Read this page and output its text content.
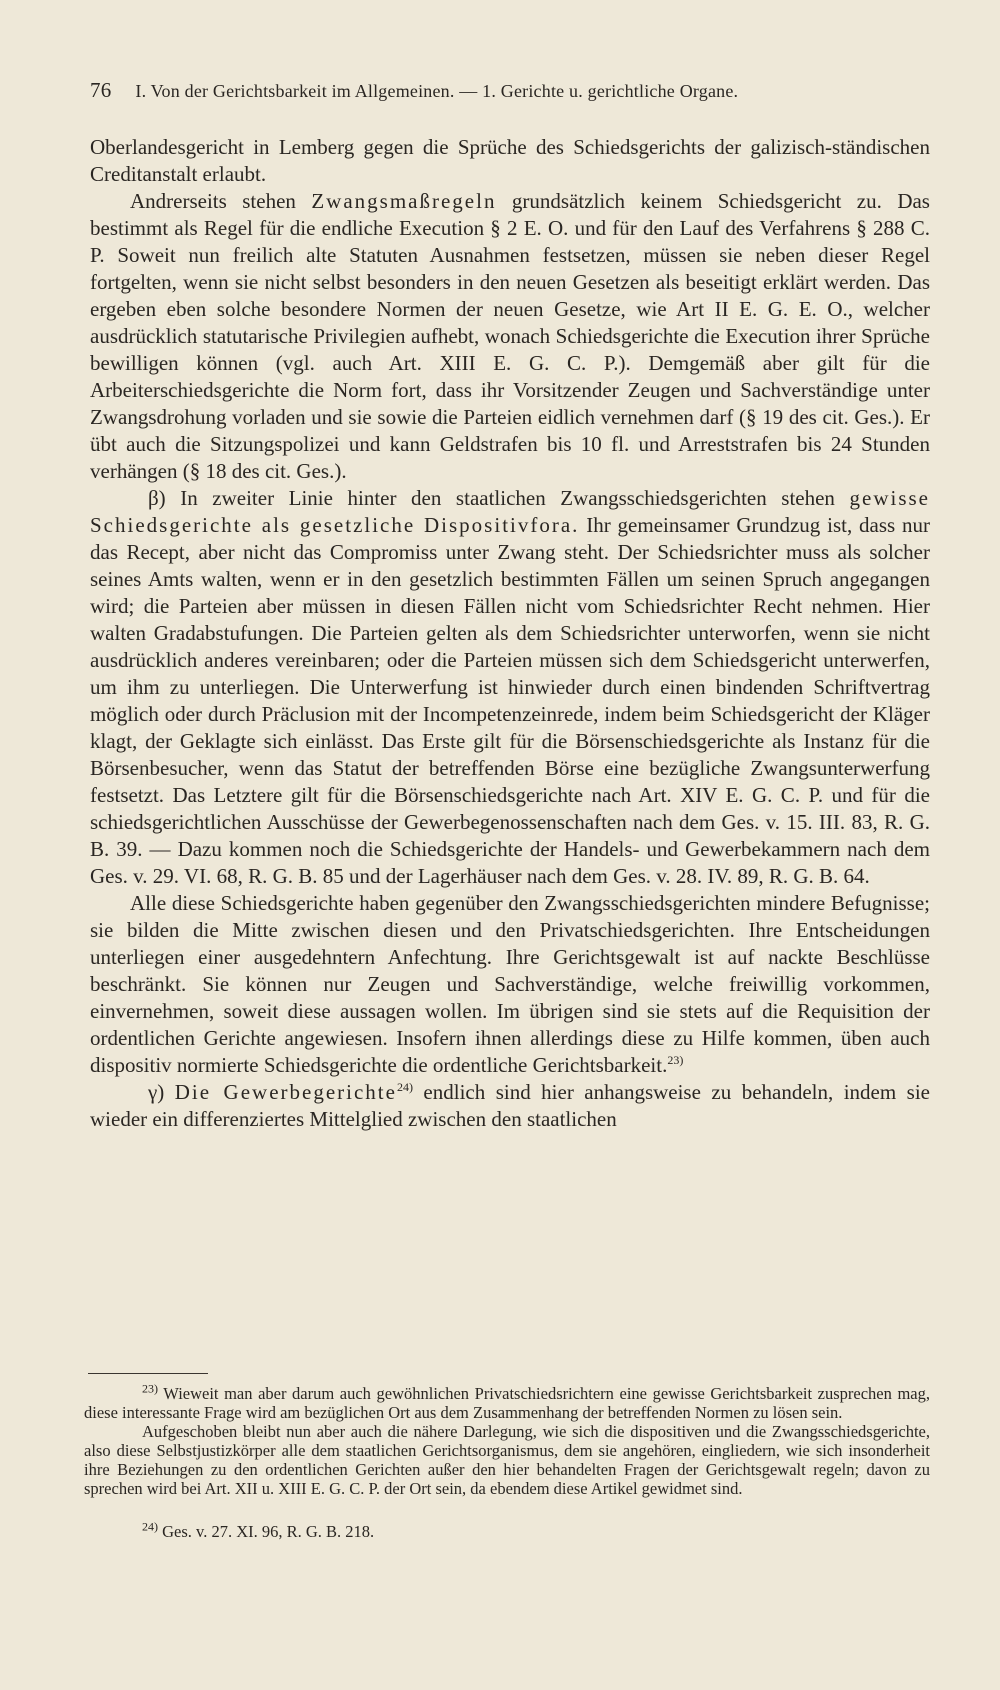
76 I. Von der Gerichtsbarkeit im Allgemeinen. — 1. Gerichte u. gerichtliche Organe.

Oberlandesgericht in Lemberg gegen die Sprüche des Schiedsgerichts der galizisch-ständischen Creditanstalt erlaubt.

Andrerseits stehen Zwangsmaßregeln grundsätzlich keinem Schiedsgericht zu. Das bestimmt als Regel für die endliche Execution § 2 E. O. und für den Lauf des Verfahrens § 288 C. P. Soweit nun freilich alte Statuten Ausnahmen festsetzen, müssen sie neben dieser Regel fortgelten, wenn sie nicht selbst besonders in den neuen Gesetzen als beseitigt erklärt werden. Das ergeben eben solche besondere Normen der neuen Gesetze, wie Art II E. G. E. O., welcher ausdrücklich statutarische Privilegien aufhebt, wonach Schiedsgerichte die Execution ihrer Sprüche bewilligen können (vgl. auch Art. XIII E. G. C. P.). Demgemäß aber gilt für die Arbeiterschiedsgerichte die Norm fort, dass ihr Vorsitzender Zeugen und Sachverständige unter Zwangsdrohung vorladen und sie sowie die Parteien eidlich vernehmen darf (§ 19 des cit. Ges.). Er übt auch die Sitzungspolizei und kann Geldstrafen bis 10 fl. und Arreststrafen bis 24 Stunden verhängen (§ 18 des cit. Ges.).

β) In zweiter Linie hinter den staatlichen Zwangsschiedsgerichten stehen gewisse Schiedsgerichte als gesetzliche Dispositivfora. Ihr gemeinsamer Grundzug ist, dass nur das Recept, aber nicht das Compromiss unter Zwang steht. Der Schiedsrichter muss als solcher seines Amts walten, wenn er in den gesetzlich bestimmten Fällen um seinen Spruch angegangen wird; die Parteien aber müssen in diesen Fällen nicht vom Schiedsrichter Recht nehmen. Hier walten Gradabstufungen. Die Parteien gelten als dem Schiedsrichter unterworfen, wenn sie nicht ausdrücklich anderes vereinbaren; oder die Parteien müssen sich dem Schiedsgericht unterwerfen, um ihm zu unterliegen. Die Unterwerfung ist hinwieder durch einen bindenden Schriftvertrag möglich oder durch Präclusion mit der Incompetenzeinrede, indem beim Schiedsgericht der Kläger klagt, der Geklagte sich einlässt. Das Erste gilt für die Börsenschiedsgerichte als Instanz für die Börsenbesucher, wenn das Statut der betreffenden Börse eine bezügliche Zwangsunterwerfung festsetzt. Das Letztere gilt für die Börsenschiedsgerichte nach Art. XIV E. G. C. P. und für die schiedsgerichtlichen Ausschüsse der Gewerbegenossenschaften nach dem Ges. v. 15. III. 83, R. G. B. 39. — Dazu kommen noch die Schiedsgerichte der Handels- und Gewerbekammern nach dem Ges. v. 29. VI. 68, R. G. B. 85 und der Lagerhäuser nach dem Ges. v. 28. IV. 89, R. G. B. 64.

Alle diese Schiedsgerichte haben gegenüber den Zwangsschiedsgerichten mindere Befugnisse; sie bilden die Mitte zwischen diesen und den Privatschiedsgerichten. Ihre Entscheidungen unterliegen einer ausgedehntern Anfechtung. Ihre Gerichtsgewalt ist auf nackte Beschlüsse beschränkt. Sie können nur Zeugen und Sachverständige, welche freiwillig vorkommen, einvernehmen, soweit diese aussagen wollen. Im übrigen sind sie stets auf die Requisition der ordentlichen Gerichte angewiesen. Insofern ihnen allerdings diese zu Hilfe kommen, üben auch dispositiv normierte Schiedsgerichte die ordentliche Gerichtsbarkeit.$^{23)}$

γ) Die Gewerbegerichte$^{24)}$ endlich sind hier anhangsweise zu behandeln, indem sie wieder ein differenziertes Mittelglied zwischen den staatlichen

$^{23)}$ Wieweit man aber darum auch gewöhnlichen Privatschiedsrichtern eine gewisse Gerichtsbarkeit zusprechen mag, diese interessante Frage wird am bezüglichen Ort aus dem Zusammenhang der betreffenden Normen zu lösen sein.

Aufgeschoben bleibt nun aber auch die nähere Darlegung, wie sich die dispositiven und die Zwangsschiedsgerichte, also diese Selbstjustizkörper alle dem staatlichen Gerichtsorganismus, dem sie angehören, eingliedern, wie sich insonderheit ihre Beziehungen zu den ordentlichen Gerichten außer den hier behandelten Fragen der Gerichtsgewalt regeln; davon zu sprechen wird bei Art. XII u. XIII E. G. C. P. der Ort sein, da ebendem diese Artikel gewidmet sind.

$^{24)}$ Ges. v. 27. XI. 96, R. G. B. 218.
